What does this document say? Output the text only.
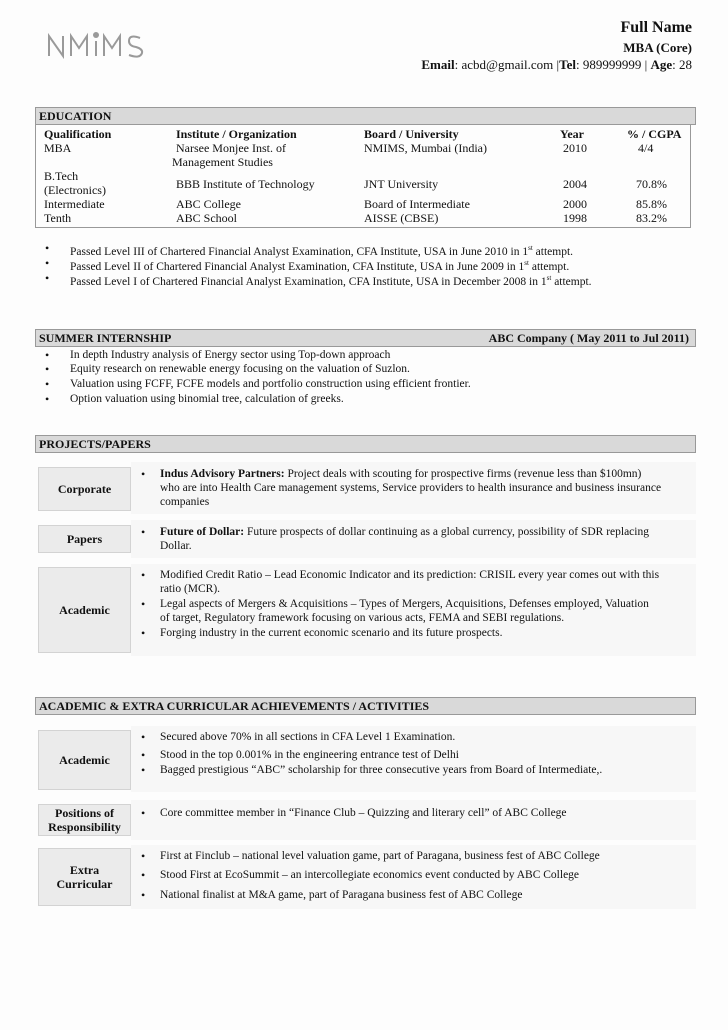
Full Name
MBA (Core)
Email: acbd@gmail.com |Tel: 989999999 | Age: 28
EDUCATION
Qualification	Institute / Organization	Board / University	Year	% / CGPA
MBA	Narsee Monjee Inst. of
Management Studies
NMIMS, Mumbai (India)	2010	4/4
B.Tech
(Electronics)	BBB Institute of Technology	JNT University	2004	70.8%
Intermediate	ABC College	Board of Intermediate	2000	85.8%
Tenth	ABC School	AISSE (CBSE)	1998	83.2%
• Passed Level III of Chartered Financial Analyst Examination, CFA Institute, USA in June 2010 in 1st attempt.
• Passed Level II of Chartered Financial Analyst Examination, CFA Institute, USA in June 2009 in 1st attempt.
• Passed Level I of Chartered Financial Analyst Examination, CFA Institute, USA in December 2008 in 1st attempt.
SUMMER INTERNSHIP	ABC Company ( May 2011 to Jul 2011)
• In depth Industry analysis of Energy sector using Top-down approach
• Equity research on renewable energy focusing on the valuation of Suzlon.
• Valuation using FCFF, FCFE models and portfolio construction using efficient frontier.
• Option valuation using binomial tree, calculation of greeks.
PROJECTS/PAPERS
Corporate
• Indus Advisory Partners: Project deals with scouting for prospective firms (revenue less than $100mn)
who are into Health Care management systems, Service providers to health insurance and business insurance
companies
Papers
•	Future of Dollar: Future prospects of dollar continuing as a global currency, possibility of SDR replacing
Dollar.
Academic
• Modified Credit Ratio – Lead Economic Indicator and its prediction: CRISIL every year comes out with this
ratio (MCR).
• Legal aspects of Mergers & Acquisitions – Types of Mergers, Acquisitions, Defenses employed, Valuation
of target, Regulatory framework focusing on various acts, FEMA and SEBI regulations.
• Forging industry in the current economic scenario and its future prospects.
ACADEMIC & EXTRA CURRICULAR ACHIEVEMENTS / ACTIVITIES
Academic
• Secured above 70% in all sections in CFA Level 1 Examination.
• Stood in the top 0.001% in the engineering entrance test of Delhi
• Bagged prestigious “ABC” scholarship for three consecutive years from Board of Intermediate,.
Positions of
Responsibility
• Core committee member in “Finance Club – Quizzing and literary cell” of ABC College
Extra
Curricular
• First at Finclub – national level valuation game, part of Paragana, business fest of ABC College
• Stood First at EcoSummit – an intercollegiate economics event conducted by ABC College
• National finalist at M&A game, part of Paragana business fest of ABC College
